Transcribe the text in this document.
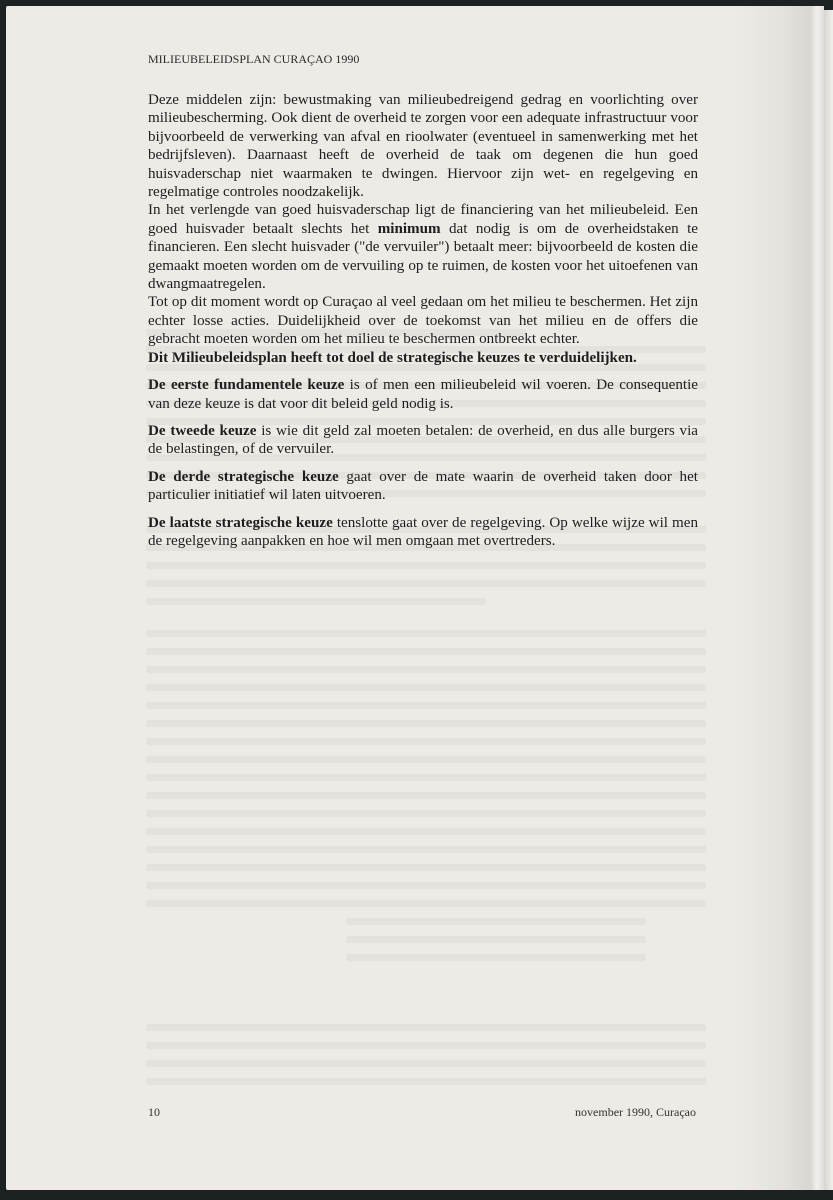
MILIEUBELEIDSPLAN CURAÇAO 1990

Deze middelen zijn: bewustmaking van milieubedreigend gedrag en voorlichting over milieubescherming. Ook dient de overheid te zorgen voor een adequate infrastructuur voor bijvoorbeeld de verwerking van afval en rioolwater (eventueel in samenwerking met het bedrijfsleven). Daarnaast heeft de overheid de taak om degenen die hun goed huisvaderschap niet waarmaken te dwingen. Hiervoor zijn wet- en regelgeving en regelmatige controles noodzakelijk.

In het verlengde van goed huisvaderschap ligt de financiering van het milieubeleid. Een goed huisvader betaalt slechts het minimum dat nodig is om de overheidstaken te financieren. Een slecht huisvader ("de vervuiler") betaalt meer: bijvoorbeeld de kosten die gemaakt moeten worden om de vervuiling op te ruimen, de kosten voor het uitoefenen van dwangmaatregelen.

Tot op dit moment wordt op Curaçao al veel gedaan om het milieu te beschermen. Het zijn echter losse acties. Duidelijkheid over de toekomst van het milieu en de offers die gebracht moeten worden om het milieu te beschermen ontbreekt echter.

Dit Milieubeleidsplan heeft tot doel de strategische keuzes te verduidelijken.

De eerste fundamentele keuze is of men een milieubeleid wil voeren. De consequentie van deze keuze is dat voor dit beleid geld nodig is.

De tweede keuze is wie dit geld zal moeten betalen: de overheid, en dus alle burgers via de belastingen, of de vervuiler.

De derde strategische keuze gaat over de mate waarin de overheid taken door het particulier initiatief wil laten uitvoeren.

De laatste strategische keuze tenslotte gaat over de regelgeving. Op welke wijze wil men de regelgeving aanpakken en hoe wil men omgaan met overtreders.

10	november 1990, Curaçao
